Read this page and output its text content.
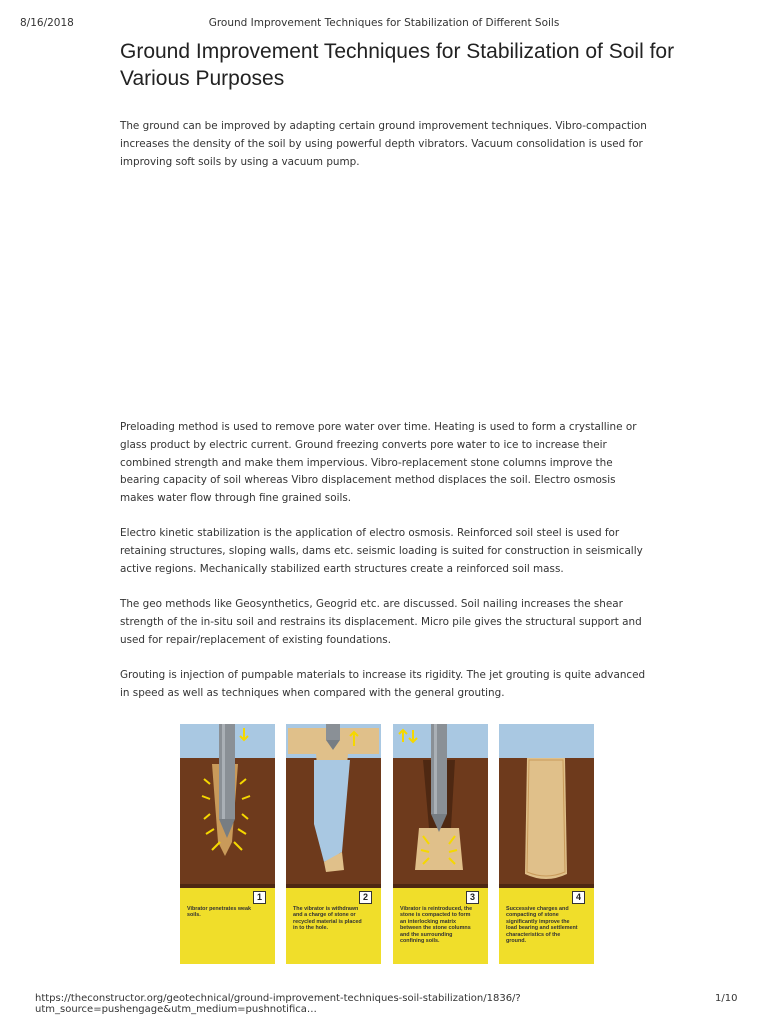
8/16/2018	Ground Improvement Techniques for Stabilization of Different Soils
Ground Improvement Techniques for Stabilization of Soil for Various Purposes

The ground can be improved by adapting certain ground improvement techniques. Vibro-compaction increases the density of the soil by using powerful depth vibrators. Vacuum consolidation is used for improving soft soils by using a vacuum pump.

Preloading method is used to remove pore water over time. Heating is used to form a crystalline or glass product by electric current. Ground freezing converts pore water to ice to increase their combined strength and make them impervious. Vibro-replacement stone columns improve the bearing capacity of soil whereas Vibro displacement method displaces the soil. Electro osmosis makes water flow through fine grained soils.

Electro kinetic stabilization is the application of electro osmosis. Reinforced soil steel is used for retaining structures, sloping walls, dams etc. seismic loading is suited for construction in seismically active regions. Mechanically stabilized earth structures create a reinforced soil mass.

The geo methods like Geosynthetics, Geogrid etc. are discussed. Soil nailing increases the shear strength of the in-situ soil and restrains its displacement. Micro pile gives the structural support and used for repair/replacement of existing foundations.

Grouting is injection of pumpable materials to increase its rigidity. The jet grouting is quite advanced in speed as well as techniques when compared with the general grouting.

1

Vibrator penetrates weak soils.

2

The vibrator is withdrawn and a charge of stone or recycled material is placed in to the hole.

3

Vibrator is reintroduced, the stone is compacted to form an interlocking matrix between the stone columns and the surrounding confining soils.

4

Successive charges and compacting of stone significantly improve the load bearing and settlement characteristics of the ground.

https://theconstructor.org/geotechnical/ground-improvement-techniques-soil-stabilization/1836/?utm_source=pushengage&utm_medium=pushnotifica…
1/10
